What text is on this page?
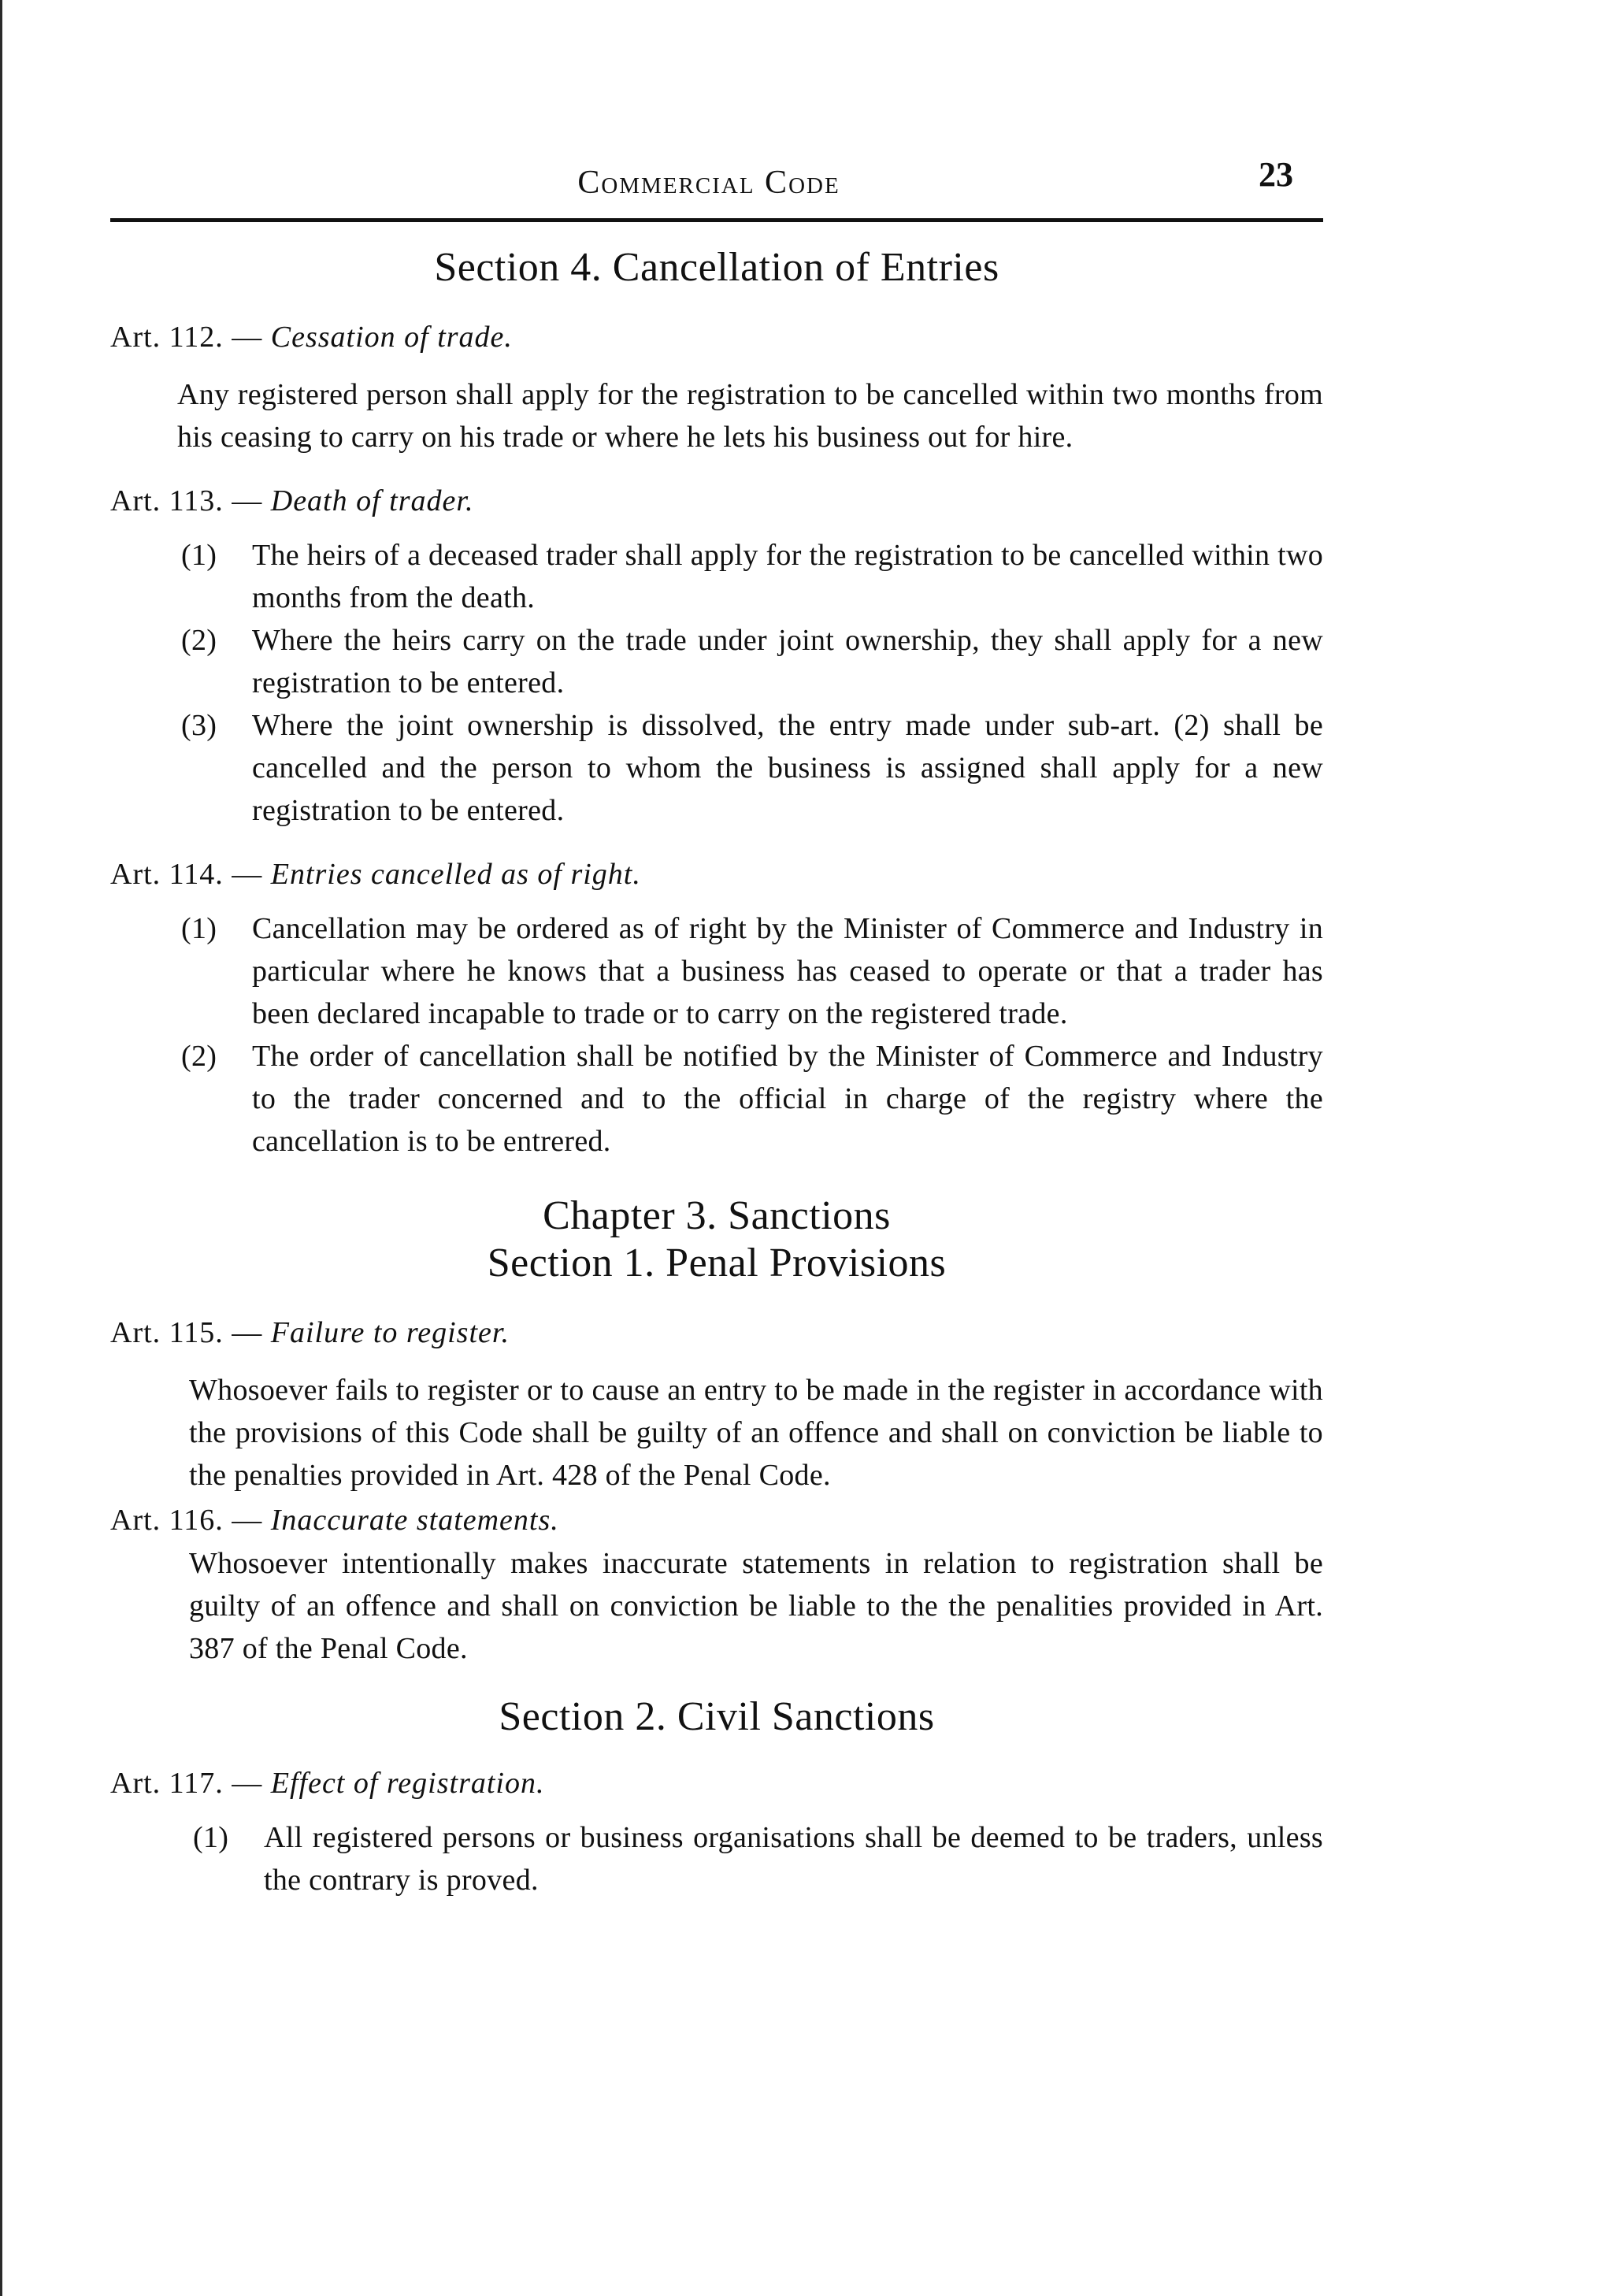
Commercial Code	23
Section 4. Cancellation of Entries

Art. 112. — Cessation of trade.

Any registered person shall apply for the registration to be cancelled within two months from his ceasing to carry on his trade or where he lets his business out for hire.

Art. 113. — Death of trader.

(1)	The heirs of a deceased trader shall apply for the registration to be cancelled within two months from the death.
(2)	Where the heirs carry on the trade under joint ownership, they shall apply for a new registration to be entered.
(3)	Where the joint ownership is dissolved, the entry made under sub-art. (2) shall be cancelled and the person to whom the business is assigned shall apply for a new registration to be entered.

Art. 114. — Entries cancelled as of right.

(1)	Cancellation may be ordered as of right by the Minister of Commerce and Industry in particular where he knows that a business has ceased to operate or that a trader has been declared incapable to trade or to carry on the registered trade.
(2)	The order of cancellation shall be notified by the Minister of Commerce and Industry to the trader concerned and to the official in charge of the registry where the cancellation is to be entrered.
Chapter 3. Sanctions
Section 1. Penal Provisions

Art. 115. — Failure to register.

Whosoever fails to register or to cause an entry to be made in the register in accordance with the provisions of this Code shall be guilty of an offence and shall on conviction be liable to the penalties provided in Art. 428 of the Penal Code.

Art. 116. — Inaccurate statements.

Whosoever intentionally makes inaccurate statements in relation to registration shall be guilty of an offence and shall on conviction be liable to the the penalities provided in Art. 387 of the Penal Code.

Section 2. Civil Sanctions

Art. 117. — Effect of registration.

(1)	All registered persons or business organisations shall be deemed to be traders, unless the contrary is proved.
